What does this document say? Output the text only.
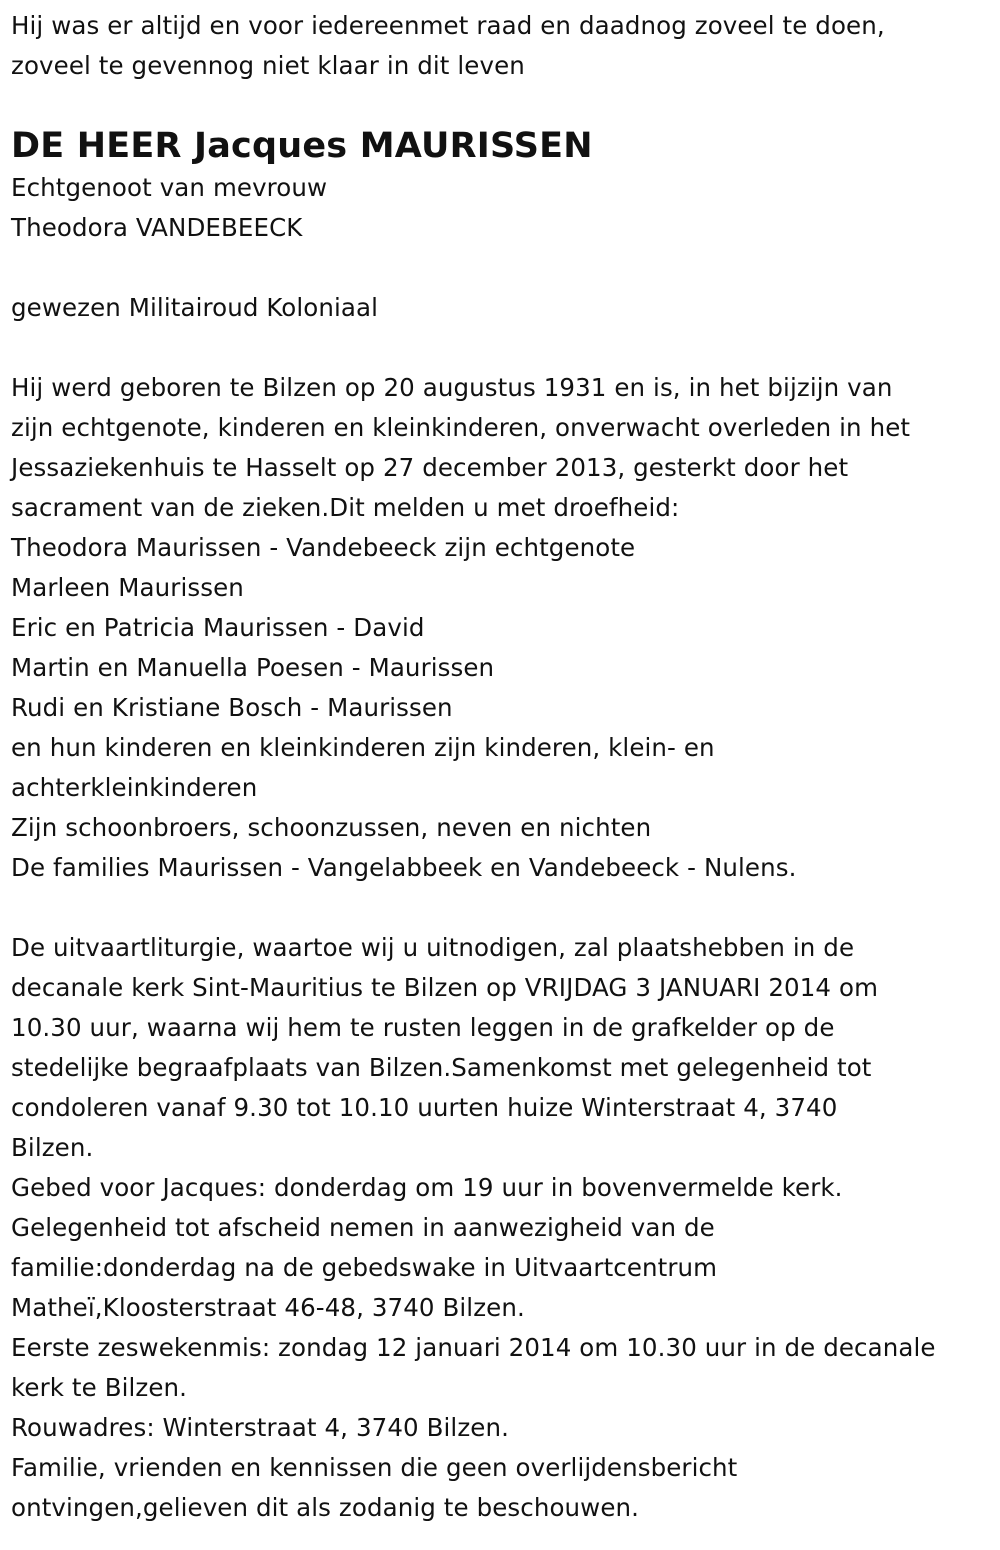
Hij was er altijd en voor iedereenmet raad en daadnog zoveel te doen,
zoveel te gevennog niet klaar in dit leven
DE HEER Jacques MAURISSEN
Echtgenoot van mevrouw
Theodora VANDEBEECK
gewezen Militairoud Koloniaal
Hij werd geboren te Bilzen op 20 augustus 1931 en is, in het bijzijn van
zijn echtgenote, kinderen en kleinkinderen, onverwacht overleden in het
Jessaziekenhuis te Hasselt op 27 december 2013, gesterkt door het
sacrament van de zieken.Dit melden u met droefheid:
Theodora Maurissen - Vandebeeck zijn echtgenote
Marleen Maurissen
Eric en Patricia Maurissen - David
Martin en Manuella Poesen - Maurissen
Rudi en Kristiane Bosch - Maurissen
en hun kinderen en kleinkinderen zijn kinderen, klein- en
achterkleinkinderen
Zijn schoonbroers, schoonzussen, neven en nichten
De families Maurissen - Vangelabbeek en Vandebeeck - Nulens.
De uitvaartliturgie, waartoe wij u uitnodigen, zal plaatshebben in de
decanale kerk Sint-Mauritius te Bilzen op VRIJDAG 3 JANUARI 2014 om
10.30 uur, waarna wij hem te rusten leggen in de grafkelder op de
stedelijke begraafplaats van Bilzen.Samenkomst met gelegenheid tot
condoleren vanaf 9.30 tot 10.10 uurten huize Winterstraat 4, 3740
Bilzen.
Gebed voor Jacques: donderdag om 19 uur in bovenvermelde kerk.
Gelegenheid tot afscheid nemen in aanwezigheid van de
familie:donderdag na de gebedswake in Uitvaartcentrum
Matheï,Kloosterstraat 46-48, 3740 Bilzen.
Eerste zeswekenmis: zondag 12 januari 2014 om 10.30 uur in de decanale
kerk te Bilzen.
Rouwadres: Winterstraat 4, 3740 Bilzen.
Familie, vrienden en kennissen die geen overlijdensbericht
ontvingen,gelieven dit als zodanig te beschouwen.
